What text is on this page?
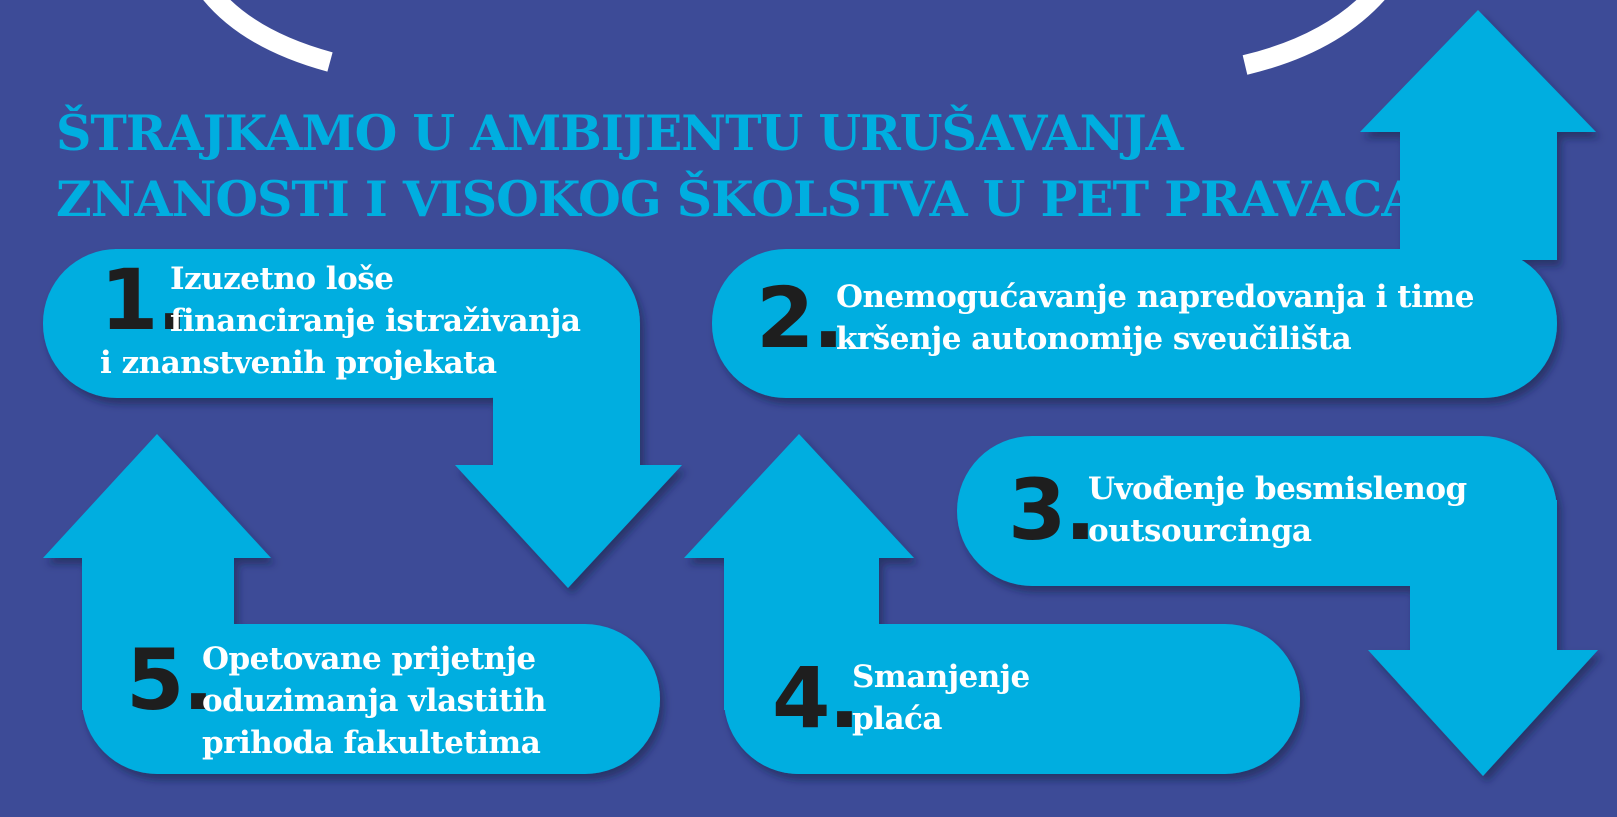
ŠTRAJKAMO U AMBIJENTU URUŠAVANJA
ZNANOSTI I VISOKOG ŠKOLSTVA U PET PRAVACA:
1.

Izuzetno loše
financiranje istraživanja
i znanstvenih projekata	2.

Onemogućavanje napredovanja i time
kršenje autonomije sveučilišta

3.

Uvođenje besmislenog
outsourcinga

4.

Smanjenje
plaća

5.

Opetovane prijetnje
oduzimanja vlastitih
prihoda fakultetima
